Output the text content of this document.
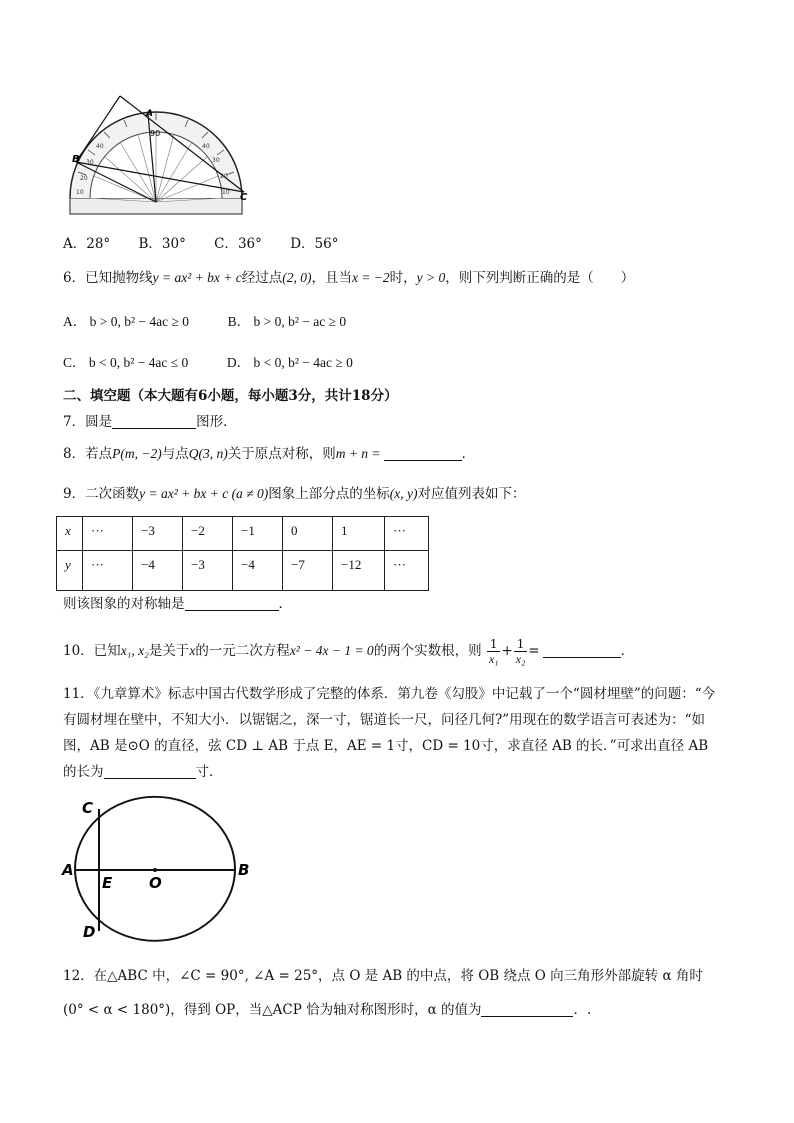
10
20
30
40
10
20
30
40
B
A
C
90
A．28° B．30° C．36° D．56°
6．已知抛物线y = ax² + bx + c经过点(2, 0)，且当x = −2时，y > 0，则下列判断正确的是（　　）
A． b > 0, b² − 4ac ≥ 0	B． b > 0, b² − ac ≥ 0
C． b < 0, b² − 4ac ≤ 0	D． b < 0, b² − 4ac ≥ 0
二、填空题（本大题有6小题，每小题3分，共计18分）
7．圆是	图形．
8．若点P(m, −2)与点Q(3, n)关于原点对称，则m + n =	．
9．二次函数y = ax² + bx + c (a ≠ 0)图象上部分点的坐标(x, y)对应值列表如下：
x	···	−3	−2	−1	0	1	···
y	···	−4	−3	−4	−7	−12	···
则该图象的对称轴是	．
10．已知x₁, x₂是关于x的一元二次方程x² − 4x − 1 = 0的两个实数根，则 $\frac{1}{\text{x₁}} + \frac{1}{\text{x₂}}$ =	．
11．《九章算术》标志中国古代数学形成了完整的体系．第九卷《勾股》中记载了一个“圆材埋壁”的问题：“今
有圆材埋在壁中，不知大小．以锯锯之，深一寸，锯道长一尺，问径几何?”用现在的数学语言可表述为：“如
图，AB 是⊙O 的直径，弦 CD ⊥ AB 于点 E，AE = 1寸，CD = 10寸，求直径 AB 的长．”可求出直径 AB
的长为	寸．
C
A
E O
B
D
12．在△ABC 中，∠C = 90°, ∠A = 25°，点 O 是 AB 的中点，将 OB 绕点 O 向三角形外部旋转 α 角时
(0° < α < 180°)，得到 OP，当△ACP 恰为轴对称图形时，α 的值为	．.
